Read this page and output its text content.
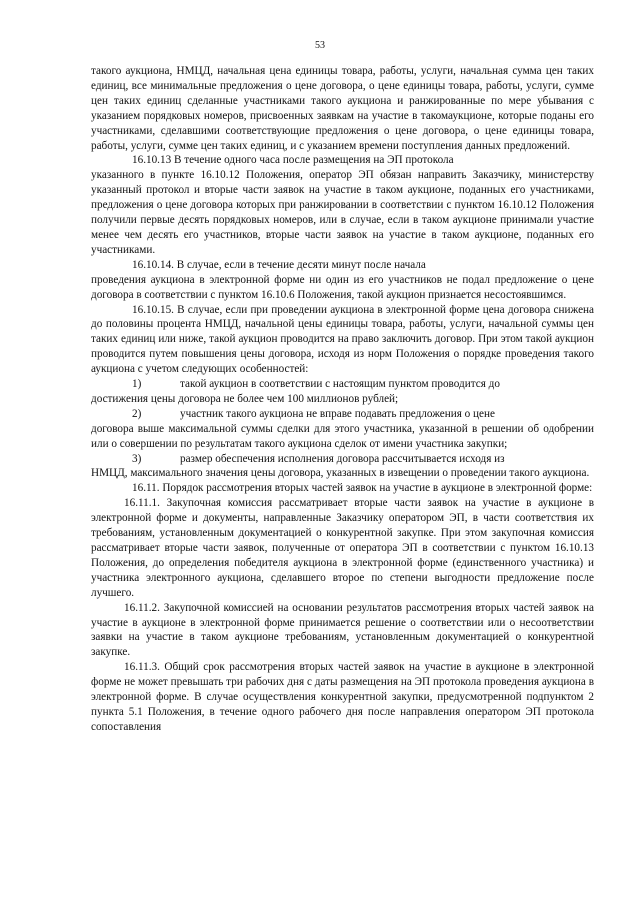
53

такого аукциона, НМЦД, начальная цена единицы товара, работы, услуги, начальная сумма цен таких единиц, все минимальные предложения о цене договора, о цене единицы товара, работы, услуги, сумме цен таких единиц сделанные участниками такого аукциона и ранжированные по мере убывания с указанием порядковых номеров, присвоенных заявкам на участие в такомаукционе, которые поданы его участниками, сделавшими соответствующие предложения о цене договора, о цене единицы товара, работы, услуги, сумме цен таких единиц, и с указанием времени поступления данных предложений.

16.10.13 В течение одного часа после размещения на ЭП протокола

указанного в пункте 16.10.12 Положения, оператор ЭП обязан направить Заказчику, министерству указанный протокол и вторые части заявок на участие в таком аукционе, поданных его участниками, предложения о цене договора которых при ранжировании в соответствии с пунктом 16.10.12 Положения получили первые десять порядковых номеров, или в случае, если в таком аукционе принимали участие менее чем десять его участников, вторые части заявок на участие в таком аукционе, поданных его участниками.

16.10.14. В случае, если в течение десяти минут после начала

проведения аукциона в электронной форме ни один из его участников не подал предложение о цене договора в соответствии с пунктом 16.10.6 Положения, такой аукцион признается несостоявшимся.

16.10.15. В случае, если при проведении аукциона в электронной форме цена договора снижена до половины процента НМЦД, начальной цены единицы товара, работы, услуги, начальной суммы цен таких единиц или ниже, такой аукцион проводится на право заключить договор. При этом такой аукцион проводится путем повышения цены договора, исходя из норм Положения о порядке проведения такого аукциона с учетом следующих особенностей:

1)	такой аукцион в соответствии с настоящим пунктом проводится до

достижения цены договора не более чем 100 миллионов рублей;

2)	участник такого аукциона не вправе подавать предложения о цене

договора выше максимальной суммы сделки для этого участника, указанной в решении об одобрении или о совершении по результатам такого аукциона сделок от имени участника закупки;

3)	размер обеспечения исполнения договора рассчитывается исходя из

НМЦД, максимального значения цены договора, указанных в извещении о проведении такого аукциона.

16.11. Порядок рассмотрения вторых частей заявок на участие в аукционе в электронной форме:

16.11.1. Закупочная комиссия рассматривает вторые части заявок на участие в аукционе в электронной форме и документы, направленные Заказчику оператором ЭП, в части соответствия их требованиям, установленным документацией о конкурентной закупке. При этом закупочная комиссия рассматривает вторые части заявок, полученные от оператора ЭП в соответствии с пунктом 16.10.13 Положения, до определения победителя аукциона в электронной форме (единственного участника) и участника электронного аукциона, сделавшего второе по степени выгодности предложение после лучшего.

16.11.2. Закупочной комиссией на основании результатов рассмотрения вторых частей заявок на участие в аукционе в электронной форме принимается решение о соответствии или о несоответствии заявки на участие в таком аукционе требованиям, установленным документацией о конкурентной закупке.

16.11.3. Общий срок рассмотрения вторых частей заявок на участие в аукционе в электронной форме не может превышать три рабочих дня с даты размещения на ЭП протокола проведения аукциона в электронной форме. В случае осуществления конкурентной закупки, предусмотренной подпунктом 2 пункта 5.1 Положения, в течение одного рабочего дня после направления оператором ЭП протокола сопоставления
